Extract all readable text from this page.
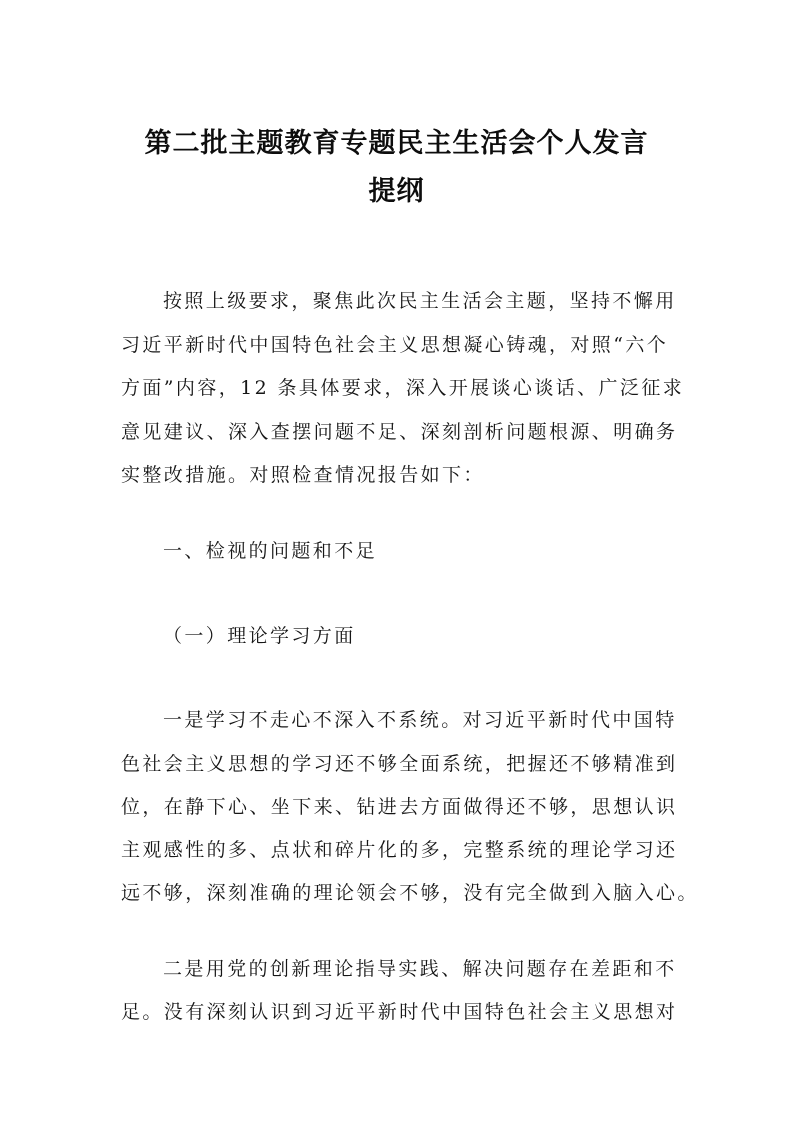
第二批主题教育专题民主生活会个人发言
提纲
按照上级要求，聚焦此次民主生活会主题，坚持不懈用
习近平新时代中国特色社会主义思想凝心铸魂，对照“六个
方面”内容，12 条具体要求，深入开展谈心谈话、广泛征求
意见建议、深入查摆问题不足、深刻剖析问题根源、明确务
实整改措施。对照检查情况报告如下：
一、检视的问题和不足
（一）理论学习方面
一是学习不走心不深入不系统。对习近平新时代中国特
色社会主义思想的学习还不够全面系统，把握还不够精准到
位，在静下心、坐下来、钻进去方面做得还不够，思想认识
主观感性的多、点状和碎片化的多，完整系统的理论学习还
远不够，深刻准确的理论领会不够，没有完全做到入脑入心。
二是用党的创新理论指导实践、解决问题存在差距和不
足。没有深刻认识到习近平新时代中国特色社会主义思想对
